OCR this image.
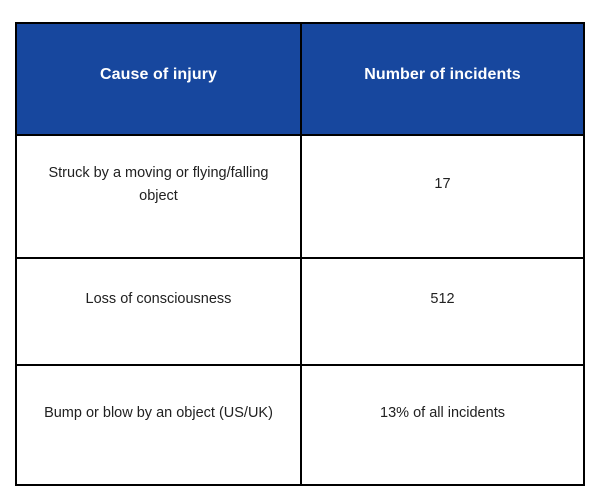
Cause of injury	Number of incidents

Struck by a moving or flying/falling object	17

Loss of consciousness	512

Bump or blow by an object (US/UK)	13% of all incidents
